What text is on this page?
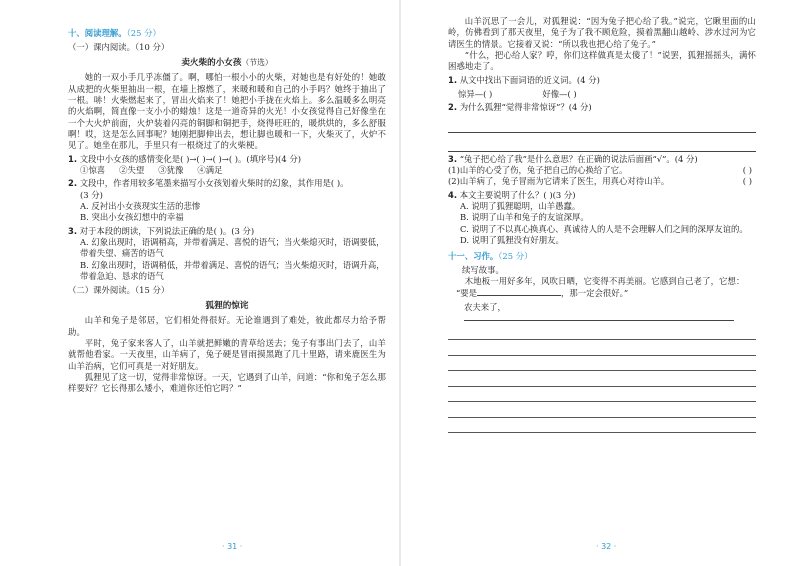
十、阅读理解。（25 分）
（一）课内阅读。（10 分）
卖火柴的小女孩（节选）

她的一双小手几乎冻僵了。啊，哪怕一根小小的火柴，对她也是有好处的！她敢从成把的火柴里抽出一根，在墙上擦燃了，来暖和暖和自己的小手吗？她终于抽出了一根。哧！火柴燃起来了，冒出火焰来了！她把小手拢在火焰上。多么温暖多么明亮的火焰啊，简直像一支小小的蜡烛！这是一道奇异的火光！小女孩觉得自己好像坐在一个大火炉前面，火炉装着闪亮的铜脚和铜把手，烧得旺旺的，暖烘烘的，多么舒服啊！哎，这是怎么回事呢？她刚把脚伸出去，想让脚也暖和一下，火柴灭了，火炉不见了。她坐在那儿，手里只有一根烧过了的火柴梗。

1. 文段中小女孩的感情变化是( )→( )→( )→( )。(填序号)(4 分)
①惊喜 ②失望 ③犹豫 ④满足
2. 文段中，作者用较多笔墨来描写小女孩划着火柴时的幻象，其作用是( )。
(3 分)
A. 反衬出小女孩现实生活的悲惨
B. 突出小女孩幻想中的幸福
3. 对于本段的朗读，下列说法正确的是( )。(3 分)
A. 幻象出现时，语调稍高，并带着满足、喜悦的语气；当火柴熄灭时，语调要低，带着失望、痛苦的语气
B. 幻象出现时，语调稍低，并带着满足、喜悦的语气；当火柴熄灭时，语调升高，带着急迫、恳求的语气
（二）课外阅读。（15 分）
狐狸的惊诧

山羊和兔子是邻居，它们相处得很好。无论谁遇到了难处，彼此都尽力给予帮助。

平时，兔子家来客人了，山羊就把鲜嫩的青草给送去；兔子有事出门去了，山羊就帮他看家。一天夜里，山羊病了，兔子硬是冒雨摸黑跑了几十里路，请来鹿医生为山羊治病，它们可真是一对好朋友。

狐狸见了这一切，觉得非常惊讶。一天，它遇到了山羊，问道：“你和兔子怎么那样要好？它长得那么矮小，难道你还怕它吗？”

· 31 ·

山羊沉思了一会儿，对狐狸说：“因为兔子把心给了我。”说完，它瞅里面的山岭，仿佛看到了那天夜里，兔子为了我不顾危险，摸着黑翻山越岭、涉水过河为它请医生的情景。它接着又说：“所以我也把心给了兔子。”

“什么，把心给人家？哼，你们这样做真是太傻了！”说罢，狐狸摇摇头，满怀困惑地走了。

1. 从文中找出下面词语的近义词。(4 分)
惊异—( )	好像—( )
2. 为什么狐狸“觉得非常惊讶”？(4 分)
3. “兔子把心给了我”是什么意思？在正确的说法后面画“√”。(4 分)
(1)山羊的心受了伤，兔子把自己的心换给了它。	( )
(2)山羊病了，兔子冒雨为它请来了医生，用真心对待山羊。	( )
4. 本文主要说明了什么？( )(3 分)
A. 说明了狐狸聪明，山羊愚蠢。
B. 说明了山羊和兔子的友谊深厚。
C. 说明了不以真心换真心、真诚待人的人是不会理解人们之间的深厚友谊的。
D. 说明了狐狸没有好朋友。
十一、习作。（25 分）
续写故事。

木地板一用好多年，风吹日晒，它变得不再美丽。它感到自己老了，它想：

“要是	，那一定会很好。”
农夫来了，
· 32 ·
